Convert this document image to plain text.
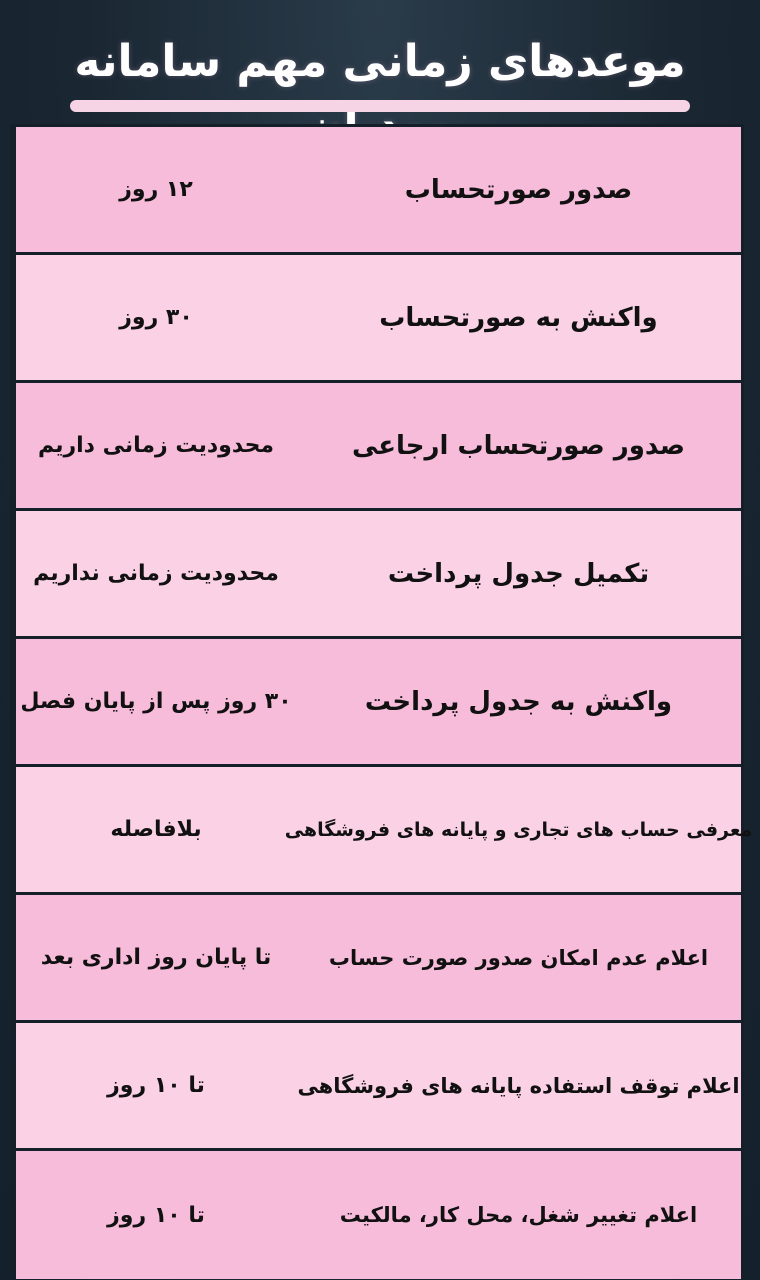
موعدهای زمانی مهم سامانه
صدور صورتحساب
۱۲ روز
واکنش به صورتحساب
۳۰ روز
صدور صورتحساب ارجاعی
محدودیت زمانی داریم
تکمیل جدول پرداخت
محدودیت زمانی نداریم
واکنش به جدول پرداخت
۳۰ روز پس از پایان فصل
معرفی حساب های تجاری و پایانه های فروشگاهی
بلافاصله
اعلام عدم امکان صدور صورت حساب
تا پایان روز اداری بعد
اعلام توقف استفاده پایانه های فروشگاهی
تا ۱۰ روز
اعلام تغییر شغل، محل کار، مالکیت
تا ۱۰ روز
